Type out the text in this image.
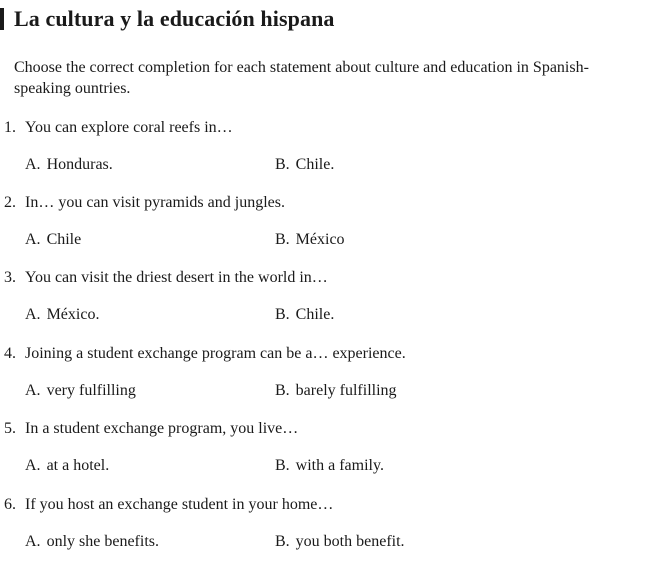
La cultura y la educación hispana
Choose the correct completion for each statement about culture and education in Spanish-speaking ountries.
1. You can explore coral reefs in…
A. Honduras.	B. Chile.
2. In… you can visit pyramids and jungles.
A. Chile	B. México
3. You can visit the driest desert in the world in…
A. México.	B. Chile.
4. Joining a student exchange program can be a… experience.
A. very fulfilling	B. barely fulfilling
5. In a student exchange program, you live…
A. at a hotel.	B. with a family.
6. If you host an exchange student in your home…
A. only she benefits.	B. you both benefit.
